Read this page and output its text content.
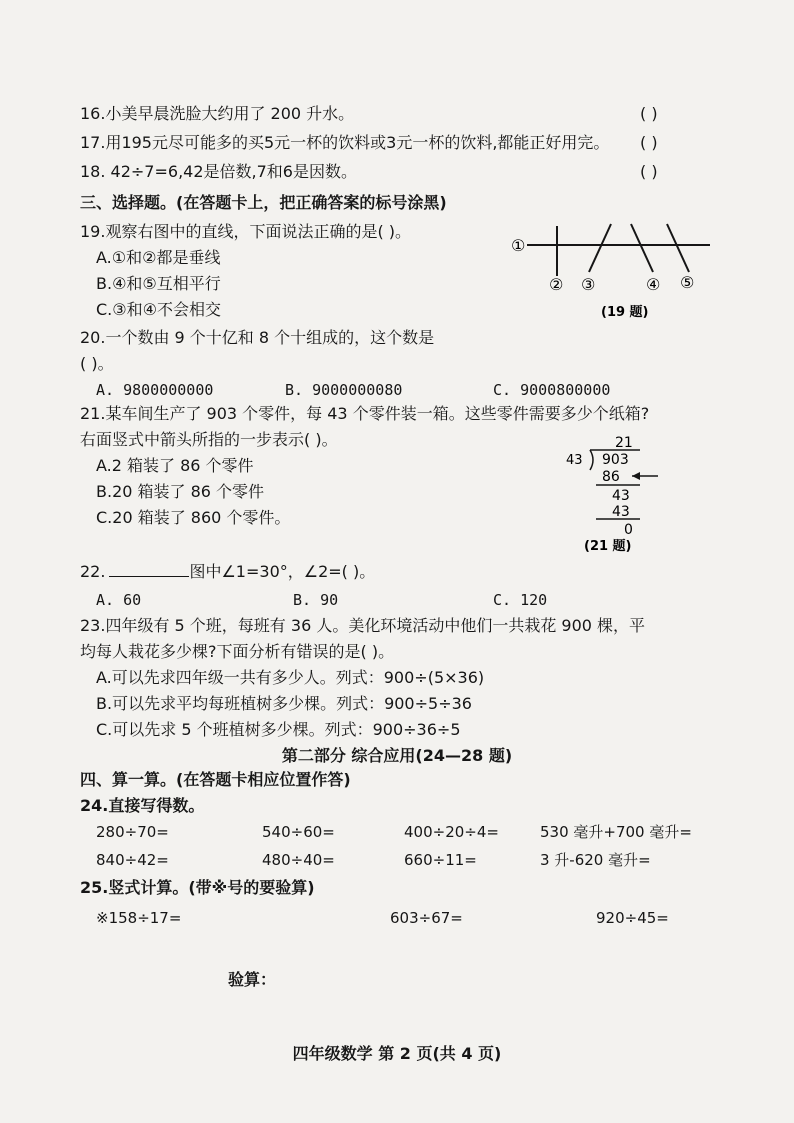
16.小美早晨洗脸大约用了 200 升水。	( )
17.用195元尽可能多的买5元一杯的饮料或3元一杯的饮料,都能正好用完。 ( )
18. 42÷7=6,42是倍数,7和6是因数。	( )
三、选择题。(在答题卡上，把正确答案的标号涂黑)
19.观察右图中的直线，下面说法正确的是( )。
A.①和②都是垂线
B.④和⑤互相平行
C.③和④不会相交
①
② ③	④ ⑤
(19 题)
20.一个数由 9 个十亿和 8 个十组成的，这个数是
( )。
A. 9800000000	B. 9000000080	C. 9000800000
21.某车间生产了 903 个零件，每 43 个零件装一箱。这些零件需要多少个纸箱?
右面竖式中箭头所指的一步表示( )。
A.2 箱装了 86 个零件
B.20 箱装了 86 个零件
C.20 箱装了 860 个零件。
21
43 903
86
43
43
0
(21 题)
22.	图中∠1=30°，∠2=( )。
A. 60	B. 90	C. 120
23.四年级有 5 个班，每班有 36 人。美化环境活动中他们一共栽花 900 棵，平
均每人栽花多少棵?下面分析有错误的是( )。
A.可以先求四年级一共有多少人。列式：900÷(5×36)
B.可以先求平均每班植树多少棵。列式：900÷5÷36
C.可以先求 5 个班植树多少棵。列式：900÷36÷5
第二部分 综合应用(24—28 题)
四、算一算。(在答题卡相应位置作答)
24.直接写得数。
280÷70=	540÷60=	400÷20÷4=	530 毫升+700 毫升=
840÷42=	480÷40=	660÷11=	3 升-620 毫升=
25.竖式计算。(带※号的要验算)
※158÷17=	603÷67=	920÷45=
验算：
四年级数学 第 2 页(共 4 页)
